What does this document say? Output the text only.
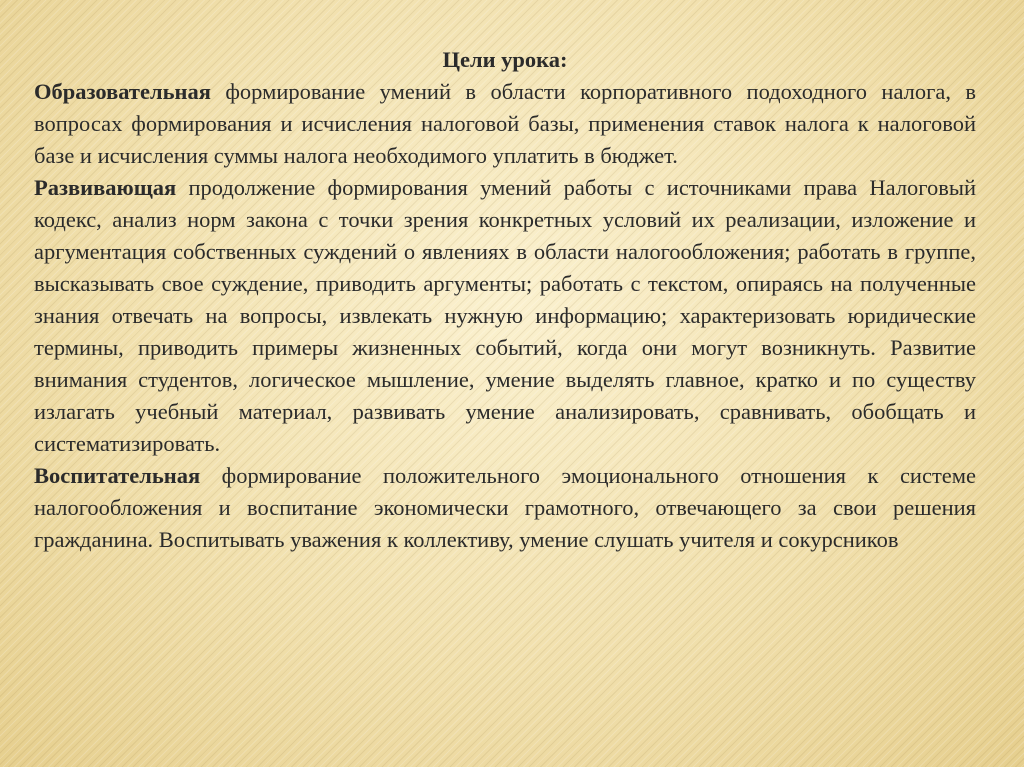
Цели урока:

Образовательная формирование умений в области корпоративного подоходного налога, в вопросах формирования и исчисления налоговой базы, применения ставок налога к налоговой базе и исчисления суммы налога необходимого уплатить в бюджет.

Развивающая продолжение формирования умений работы с источниками права Налоговый кодекс, анализ норм закона с точки зрения конкретных условий их реализации, изложение и аргументация собственных суждений о явлениях в области налогообложения; работать в группе, высказывать свое суждение, приводить аргументы; работать с текстом, опираясь на полученные знания отвечать на вопросы, извлекать нужную информацию; характеризовать юридические термины, приводить примеры жизненных событий, когда они могут возникнуть. Развитие внимания студентов, логическое мышление, умение выделять главное, кратко и по существу излагать учебный материал, развивать умение анализировать, сравнивать, обобщать и систематизировать.

Воспитательная формирование положительного эмоционального отношения к системе налогообложения и воспитание экономически грамотного, отвечающего за свои решения гражданина. Воспитывать уважения к коллективу, умение слушать учителя и сокурсников
